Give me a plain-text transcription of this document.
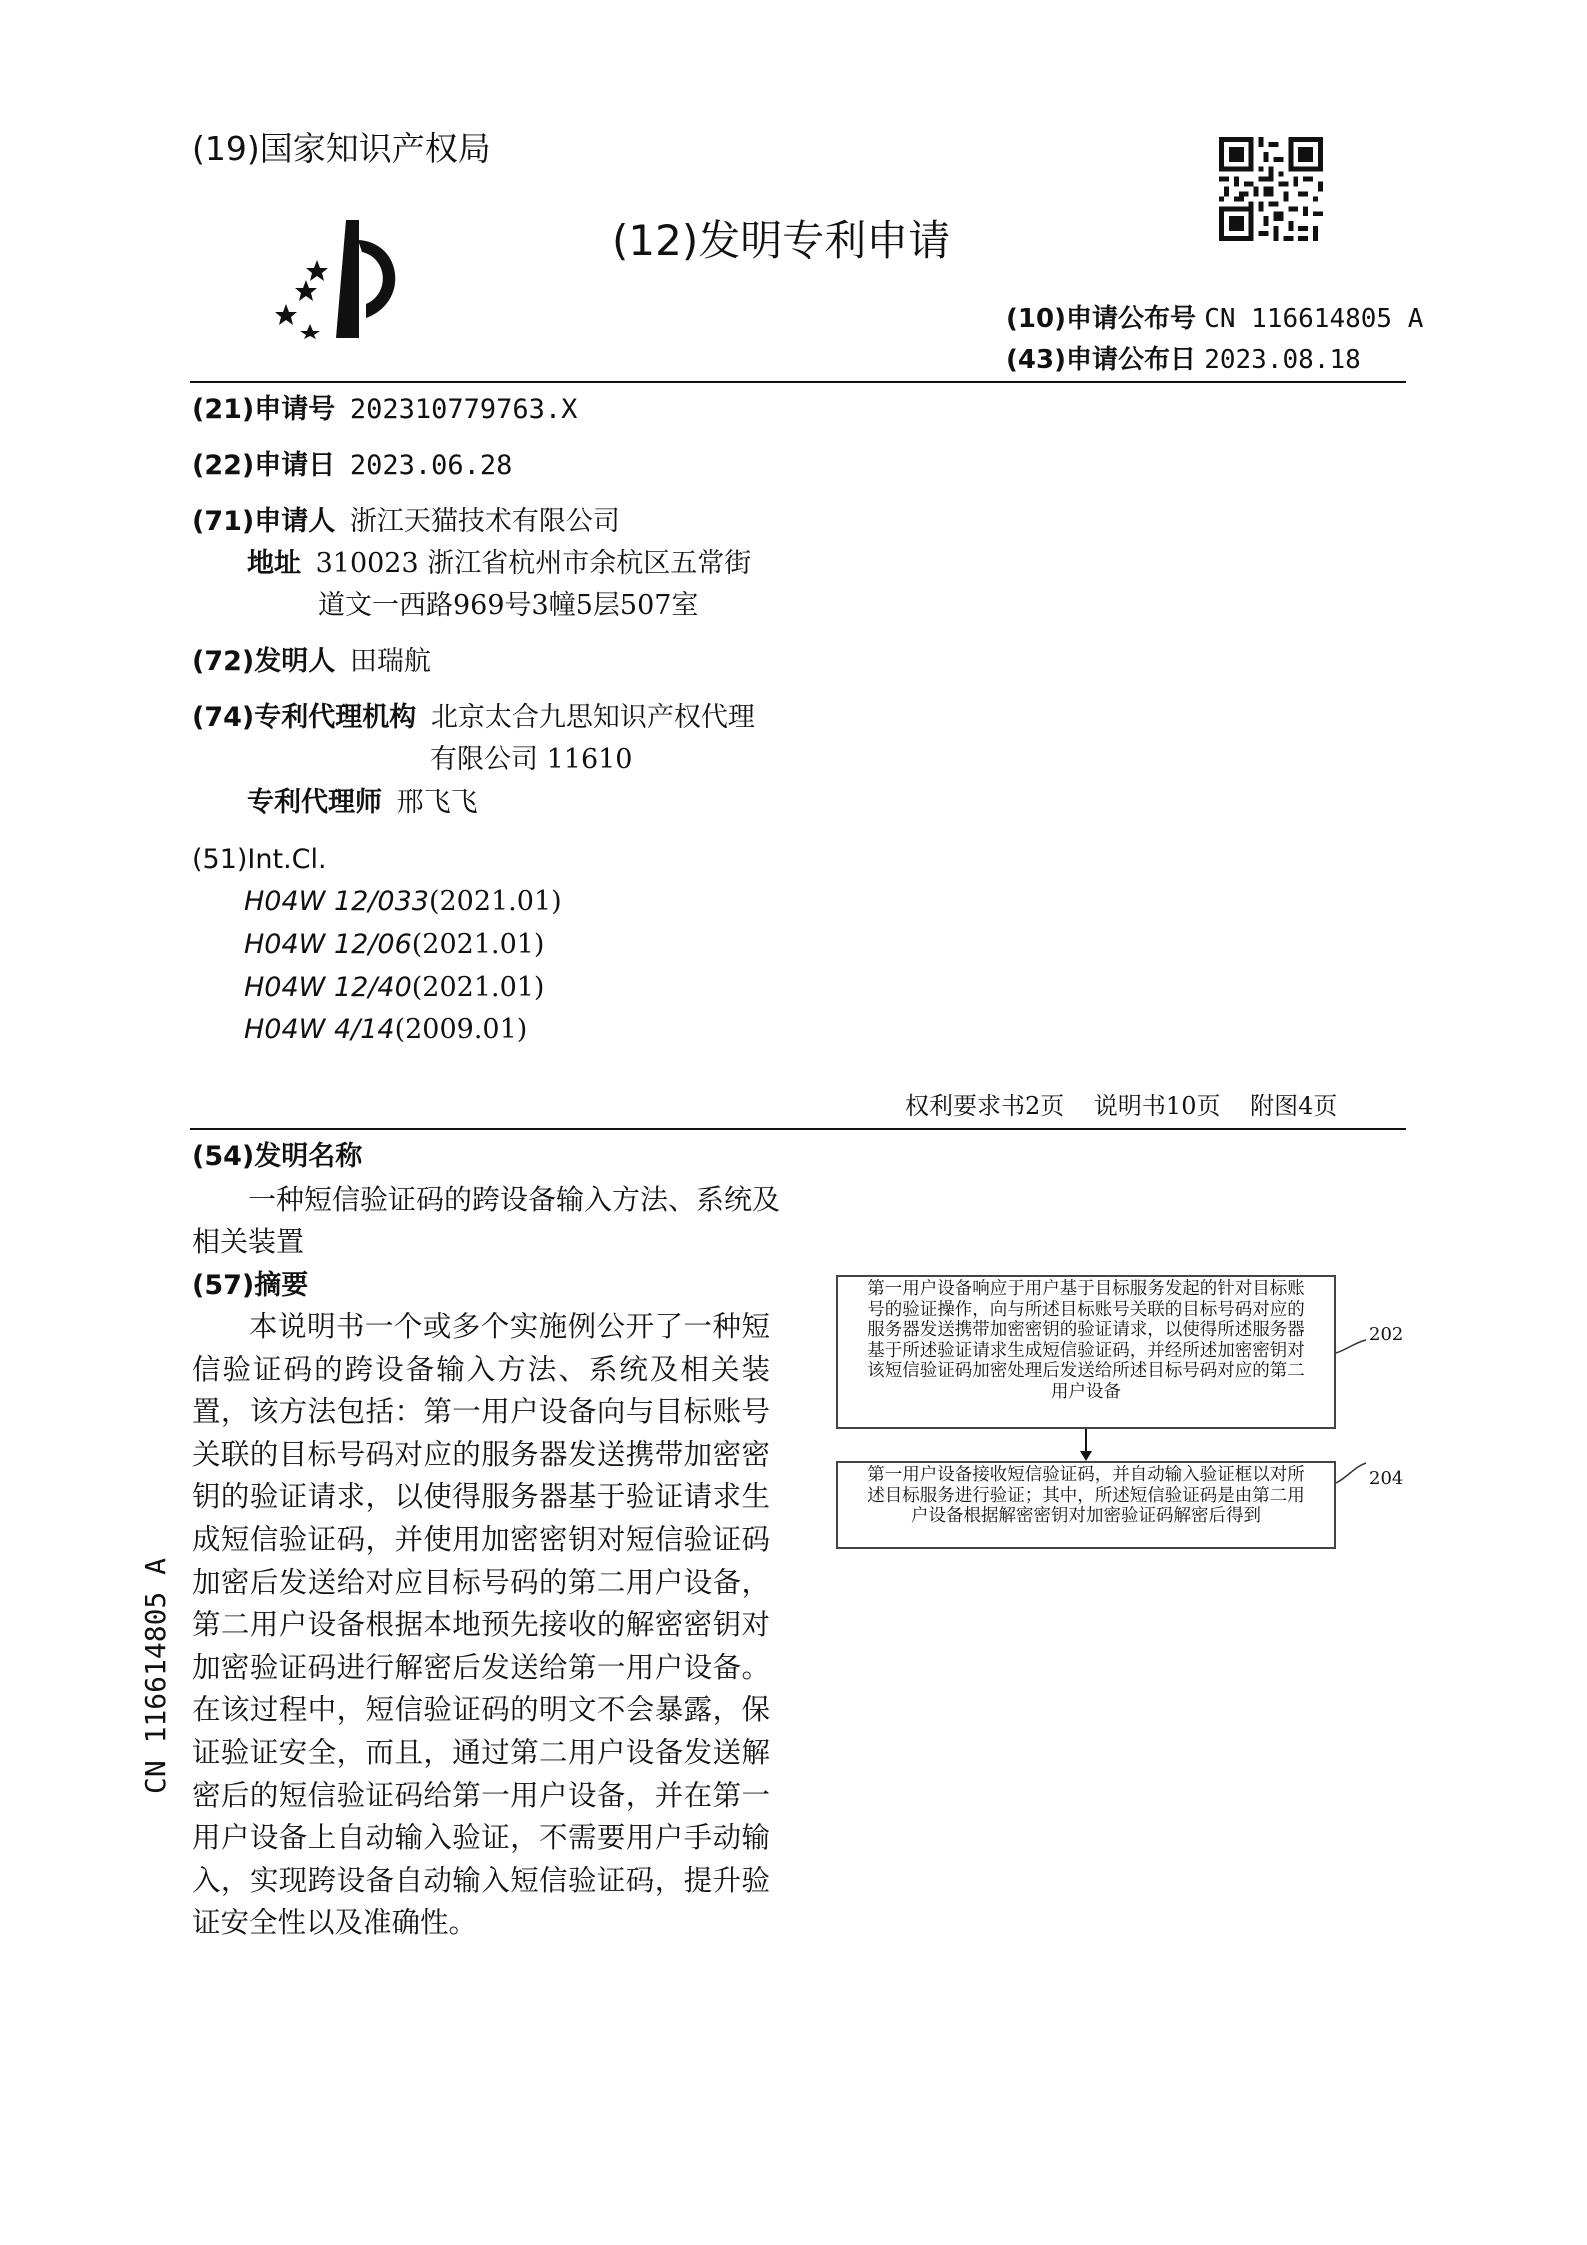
(19)国家知识产权局
(12)发明专利申请
(10)申请公布号 CN 116614805 A
(43)申请公布日 2023.08.18
(21)申请号 202310779763.X
(22)申请日 2023.06.28
(71)申请人 浙江天猫技术有限公司
地址 310023 浙江省杭州市余杭区五常街
道文一西路969号3幢5层507室
(72)发明人 田瑞航
(74)专利代理机构 北京太合九思知识产权代理
有限公司 11610
专利代理师 邢飞飞
(51)Int.Cl.
H04W 12/033(2021.01)
H04W 12/06(2021.01)
H04W 12/40(2021.01)
H04W 4/14(2009.01)
权利要求书2页 说明书10页 附图4页
(54)发明名称
一种短信验证码的跨设备输入方法、系统及
相关装置
(57)摘要
本说明书一个或多个实施例公开了一种短信验证码的跨设备输入方法、系统及相关装置，该方法包括：第一用户设备向与目标账号关联的目标号码对应的服务器发送携带加密密钥的验证请求，以使得服务器基于验证请求生成短信验证码，并使用加密密钥对短信验证码加密后发送给对应目标号码的第二用户设备，第二用户设备根据本地预先接收的解密密钥对加密验证码进行解密后发送给第一用户设备。在该过程中，短信验证码的明文不会暴露，保证验证安全，而且，通过第二用户设备发送解密后的短信验证码给第一用户设备，并在第一用户设备上自动输入验证，不需要用户手动输入，实现跨设备自动输入短信验证码，提升验证安全性以及准确性。
第一用户设备响应于用户基于目标服务发起的针对目标账
号的验证操作，向与所述目标账号关联的目标号码对应的
服务器发送携带加密密钥的验证请求，以使得所述服务器
基于所述验证请求生成短信验证码，并经所述加密密钥对
该短信验证码加密处理后发送给所述目标号码对应的第二
用户设备
第一用户设备接收短信验证码，并自动输入验证框以对所
述目标服务进行验证；其中，所述短信验证码是由第二用
户设备根据解密密钥对加密验证码解密后得到
202
204
CN 116614805 A
